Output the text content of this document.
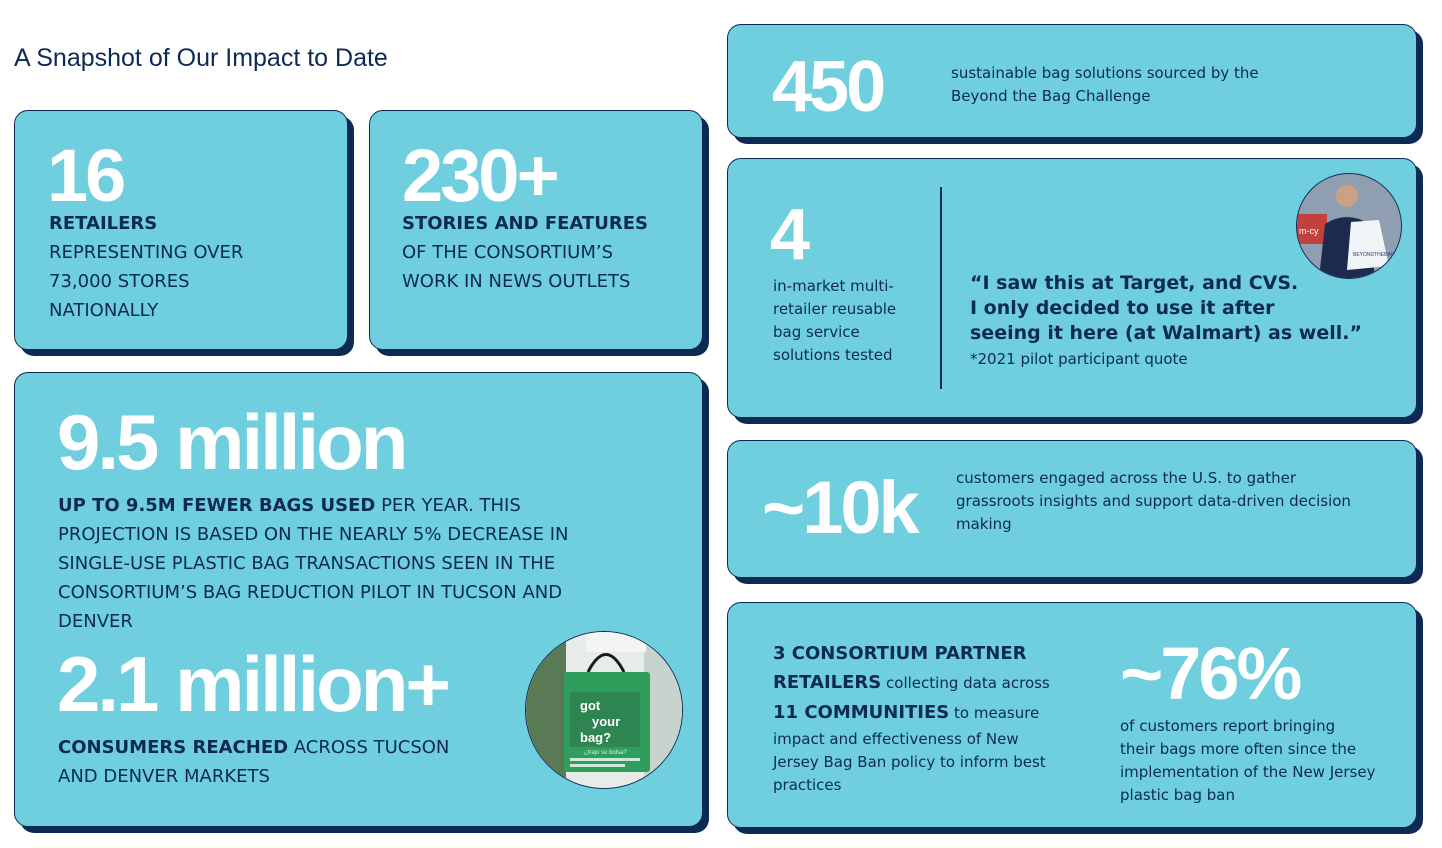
A Snapshot of Our Impact to Date
16
RETAILERS
REPRESENTING OVER
73,000 STORES
NATIONALLY
230+
STORIES AND FEATURES
OF THE CONSORTIUM’S
WORK IN NEWS OUTLETS
9.5 million
UP TO 9.5M FEWER BAGS USED PER YEAR. THIS
PROJECTION IS BASED ON THE NEARLY 5% DECREASE IN
SINGLE-USE PLASTIC BAG TRANSACTIONS SEEN IN THE
CONSORTIUM’S BAG REDUCTION PILOT IN TUCSON AND
DENVER
2.1 million+
CONSUMERS REACHED ACROSS TUCSON
AND DENVER MARKETS
got
your
bag?
¿trajo su bolsa?
450	sustainable bag solutions sourced by the
Beyond the Bag Challenge
4
in-market multi-
retailer reusable
bag service
solutions tested
“I saw this at Target, and CVS.
I only decided to use it after
seeing it here (at Walmart) as well.”
*2021 pilot participant quote
m-cy
BEYONDTHEBAG
~10k	customers engaged across the U.S. to gather
grassroots insights and support data-driven decision
making
3 CONSORTIUM PARTNER
RETAILERS collecting data across
11 COMMUNITIES to measure
impact and effectiveness of New
Jersey Bag Ban policy to inform best
practices
~76%
of customers report bringing
their bags more often since the
implementation of the New Jersey
plastic bag ban
